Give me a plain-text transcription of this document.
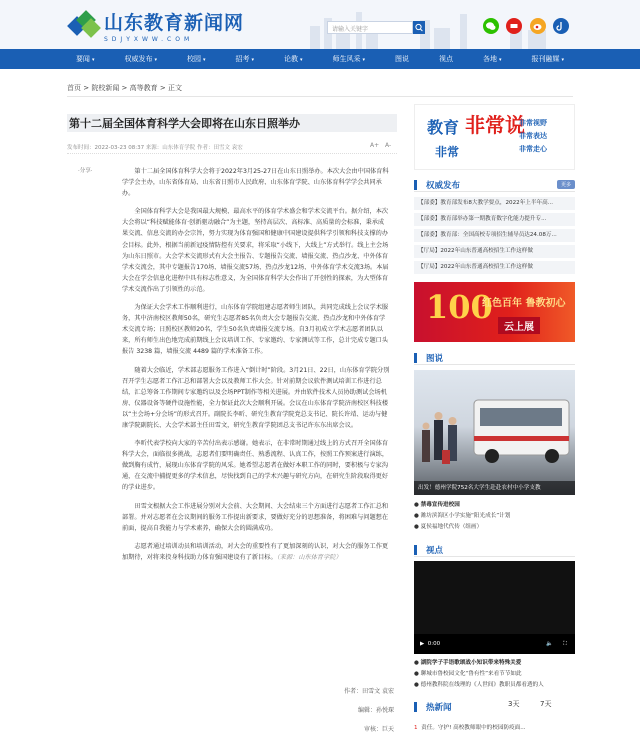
山东教育新闻网
SDJYXWW.COM
请输入关键字
要闻 ▾	权威发布 ▾	校园 ▾	招考 ▾	论教 ▾	师生风采 ▾	图说	视点	各地 ▾	报刊融媒 ▾
首页 > 院校新闻 > 高等教育 > 正文
第十二届全国体育科学大会即将在山东日照举办
发布时间：2022-03-23 08:37 来源：山东体育学院 作者：田雪文 袁宏	A+ A-
·分享·	第十二届全国体育科学大会将于2022年3月25-27日在山东日照举办。本次大会由中国体育科学学会主办，山东省体育局、山东省日照市人民政府、山东体育学院、山东体育科学学会共同承办。

全国体育科学大会是我国最大规模、最高水平的体育学术盛会和学术交流平台。据介绍，本次大会将以“科技赋能体育·创新驱动融合”为主题，坚持高层次、高标准、高质量的会标准，秉承成果交流、信息交流的办会宗旨，努力实现为体育强国和健康中国建设提供科学引领和科技支撑的办会目标。此外，根据当前新冠疫情防控有关要求，将采取“小线下，大线上”方式举行。线上主会场为山东日照市。大会学术交流形式有大会主报告、专题报告交流、墙报交流、热点沙龙、中外体育学术交流会，其中专题报告170场、墙报交流57场、热点沙龙12场、中外体育学术交流3场。本届大会在学会信息化进程中具有标志性意义，为全国体育科学大会作出了开创性的探索，为大型体育学术交流作出了引领性的示范。

为保证大会学术工作顺利进行，山东体育学院组建志愿者师生团队，共同完成线上会议学术服务，其中济南校区教师50名，研究生志愿者85名负责大会专题报告交流、热点沙龙和中外体育学术交流专场；日照校区教师20名，学生50名负责墙报交流专场。自3月初成立学术志愿者团队以来，所有师生出色地完成前期线上会议培训工作、专家邀约、专家测试等工作，总计完成专题口头报告 3238 篇，墙报交流 4489 篇的学术准备工作。

随着大会临近，学术部志愿服务工作进入“倒计时”阶段。3月21日、22日，山东体育学院分别召开学生志愿者工作汇总和部署大会以及教师工作大会。针对前期会议软件测试培训工作进行总结，汇总筹备工作期间专家邀约以及会场PPT制作等相关进展。并由软件技术人员协助测试会场机房、仪器设备等硬件设施性能，全力保证此次大会顺利开展。会议在山东体育学院济南校区科技楼以“主会场+分会场”的形式召开。副院长李昕、研究生教育学院党总支书记、院长许靖、运动与健康学院副院长、大会学术部主任田雪文，研究生教育学院团总支书记许东东出席会议。

李昕代表学校向大家的辛苦付出表示感谢。她表示，在非常时期通过线上的方式召开全国体育科学大会，面临很多挑战，志愿者们要明确责任、熟悉流程、认真工作，按照工作预案进行演练，做到胸有成竹，展现山东体育学院的风采。她希望志愿者在做好本职工作的同时，要积极与专家沟通，在交流中捕捉更多的学术信息，尽快找到自己的学术兴趣与研究方向，在研究生阶段取得更好的学业进步。

田雪文根据大会工作进展分别对大会前、大会期间、大会结束三个方面进行志愿者工作汇总和部署。并对志愿者在会议期间的服务工作提出新要求，要做好充分的思想准备，将困难与问题想在前面，提高自我能力与学术素养，确保大会的圆满成功。

志愿者通过培训动员和培训活动，对大会的重要性有了更加深刻的认识，对大会的服务工作更加期待，对将来投身科技助力体育强国建设有了新目标。（来源：山东体育学院）

作者：田雪文 袁宏
编辑：孙悦琛
审核：巨天
教育 非常说
非常
非常视野
非常表达
非常走心
权威发布	更多
【部委】教育部发布8大教学要点，2022年上半年高...
【部委】教育部举办第一期教育数字化能力提升专...
【部委】教育部：全国高校专项招生辅导员达24.08万...
【厅局】2022年山东普通高校招生工作这样做
【厅局】2022年山东普通高校招生工作这样做
100
红色百年 鲁教初心
云上展
图说
出发！德州学院752名大学生赴赴农村中小学支教
● 禁毒宣传进校园
● 潍坊滨海区小学实施“阳光成长”计划
● 夏侯福地代代传（组画）
视点
▶ 0:00	🔈 ⛶
● 湖院学子手语歌颂战小知识带来特殊关爱
● 聊城市鲁校园文化“鲁有性”来看节节如此
● 德州教科院在线理的《人世间》教职员都看透的人
3天	7天
热新闻
1 责任。守护! 高校教师眼中的校园防疫面...
